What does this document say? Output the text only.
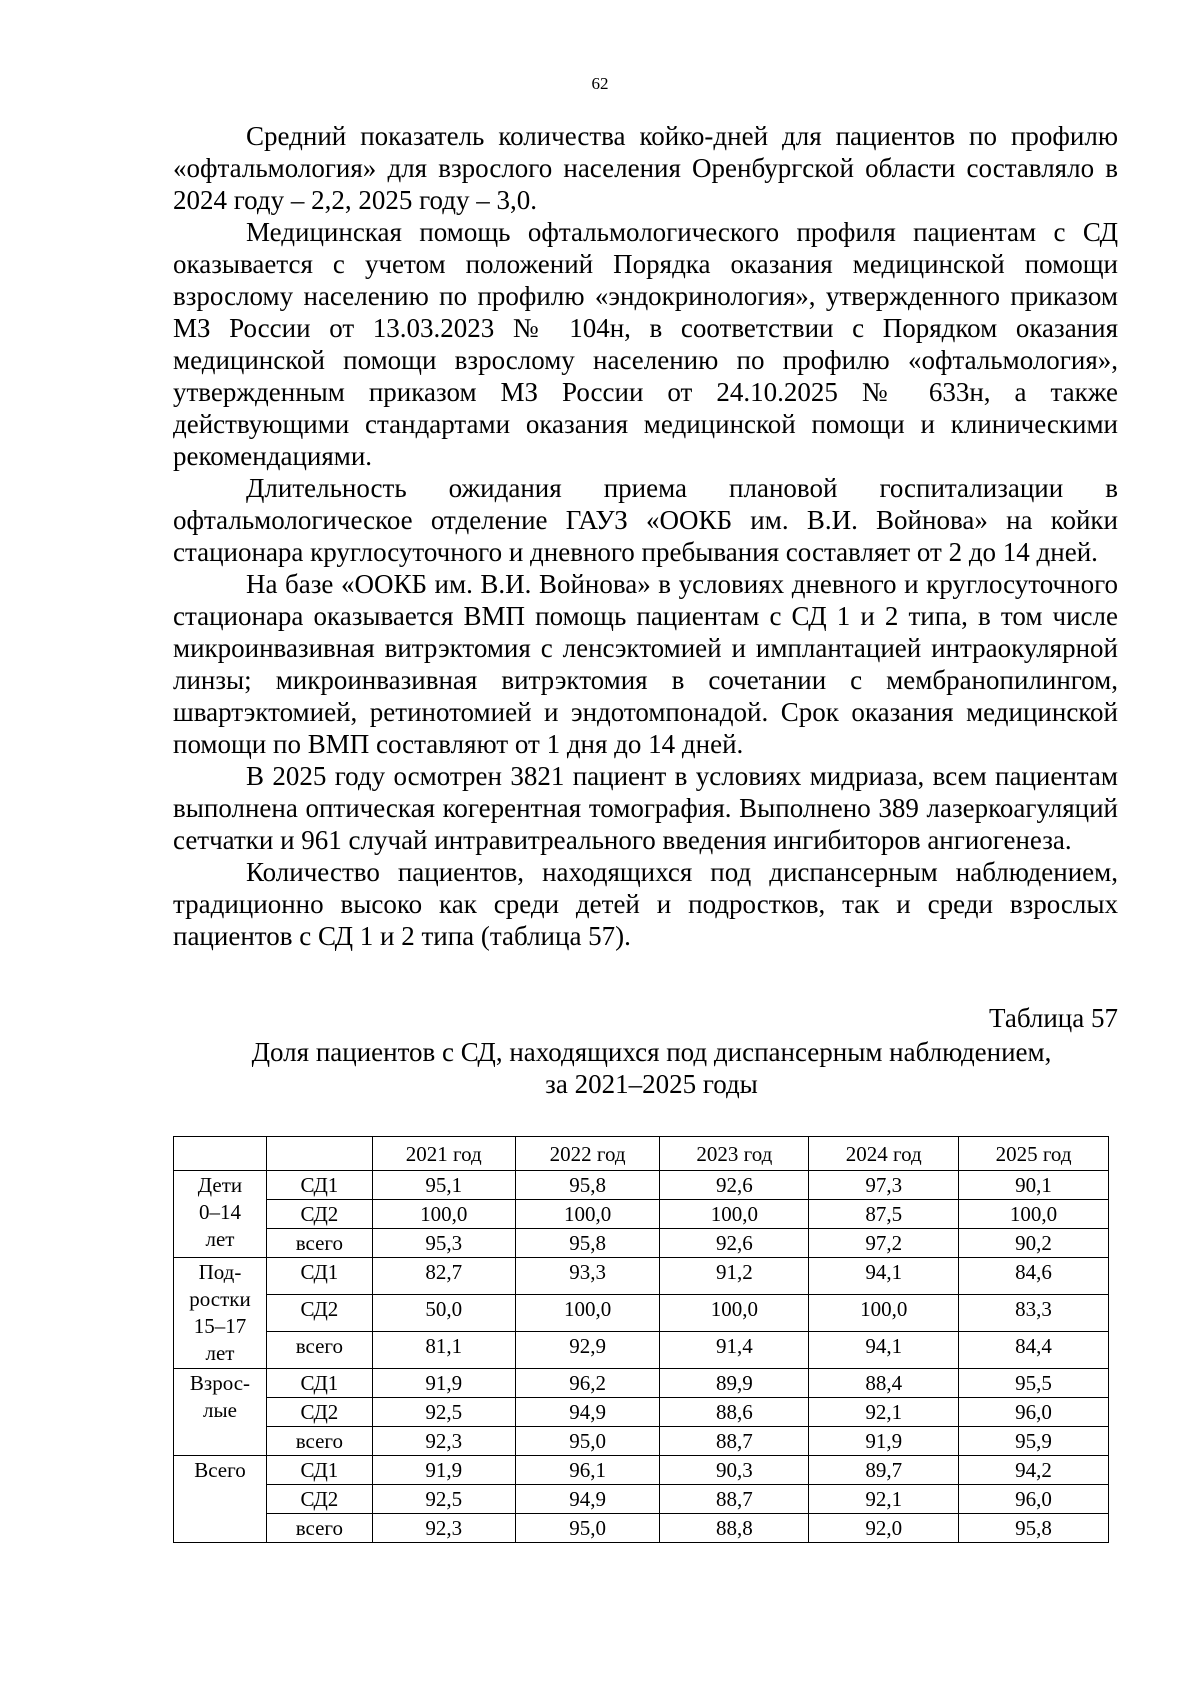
62

Средний показатель количества койко-дней для пациентов по профилю «офтальмология» для взрослого населения Оренбургской области составляло в 2024 году – 2,2, 2025 году – 3,0.

Медицинская помощь офтальмологического профиля пациентам с СД оказывается с учетом положений Порядка оказания медицинской помощи взрослому населению по профилю «эндокринология», утвержденного приказом МЗ России от 13.03.2023 № 104н, в соответствии с Порядком оказания медицинской помощи взрослому населению по профилю «офтальмология», утвержденным приказом МЗ России от 24.10.2025 № 633н, а также действующими стандартами оказания медицинской помощи и клиническими рекомендациями.

Длительность ожидания приема плановой госпитализации в офтальмологическое отделение ГАУЗ «ООКБ им. В.И. Войнова» на койки стационара круглосуточного и дневного пребывания составляет от 2 до 14 дней.

На базе «ООКБ им. В.И. Войнова» в условиях дневного и круглосуточного стационара оказывается ВМП помощь пациентам с СД 1 и 2 типа, в том числе микроинвазивная витрэктомия с ленсэктомией и имплантацией интраокулярной линзы; микроинвазивная витрэктомия в сочетании с мембранопилингом, швартэктомией, ретинотомией и эндотомпонадой. Срок оказания медицинской помощи по ВМП составляют от 1 дня до 14 дней.

В 2025 году осмотрен 3821 пациент в условиях мидриаза, всем пациентам выполнена оптическая когерентная томография. Выполнено 389 лазеркоагуляций сетчатки и 961 случай интравитреального введения ингибиторов ангиогенеза.

Количество пациентов, находящихся под диспансерным наблюдением, традиционно высоко как среди детей и подростков, так и среди взрослых пациентов с СД 1 и 2 типа (таблица 57).

Таблица 57
Доля пациентов с СД, находящихся под диспансерным наблюдением,
за 2021–2025 годы
		2021 год	2022 год	2023 год	2024 год	2025 год
Дети
0–14
лет	СД1	95,1	95,8	92,6	97,3	90,1
	СД2	100,0	100,0	100,0	87,5	100,0
	всего	95,3	95,8	92,6	97,2	90,2
Под-
ростки
15–17
лет	СД1	82,7	93,3	91,2	94,1	84,6
	СД2	50,0	100,0	100,0	100,0	83,3
	всего	81,1	92,9	91,4	94,1	84,4
Взрос-
лые	СД1	91,9	96,2	89,9	88,4	95,5
	СД2	92,5	94,9	88,6	92,1	96,0
	всего	92,3	95,0	88,7	91,9	95,9
Всего	СД1	91,9	96,1	90,3	89,7	94,2
	СД2	92,5	94,9	88,7	92,1	96,0
	всего	92,3	95,0	88,8	92,0	95,8
